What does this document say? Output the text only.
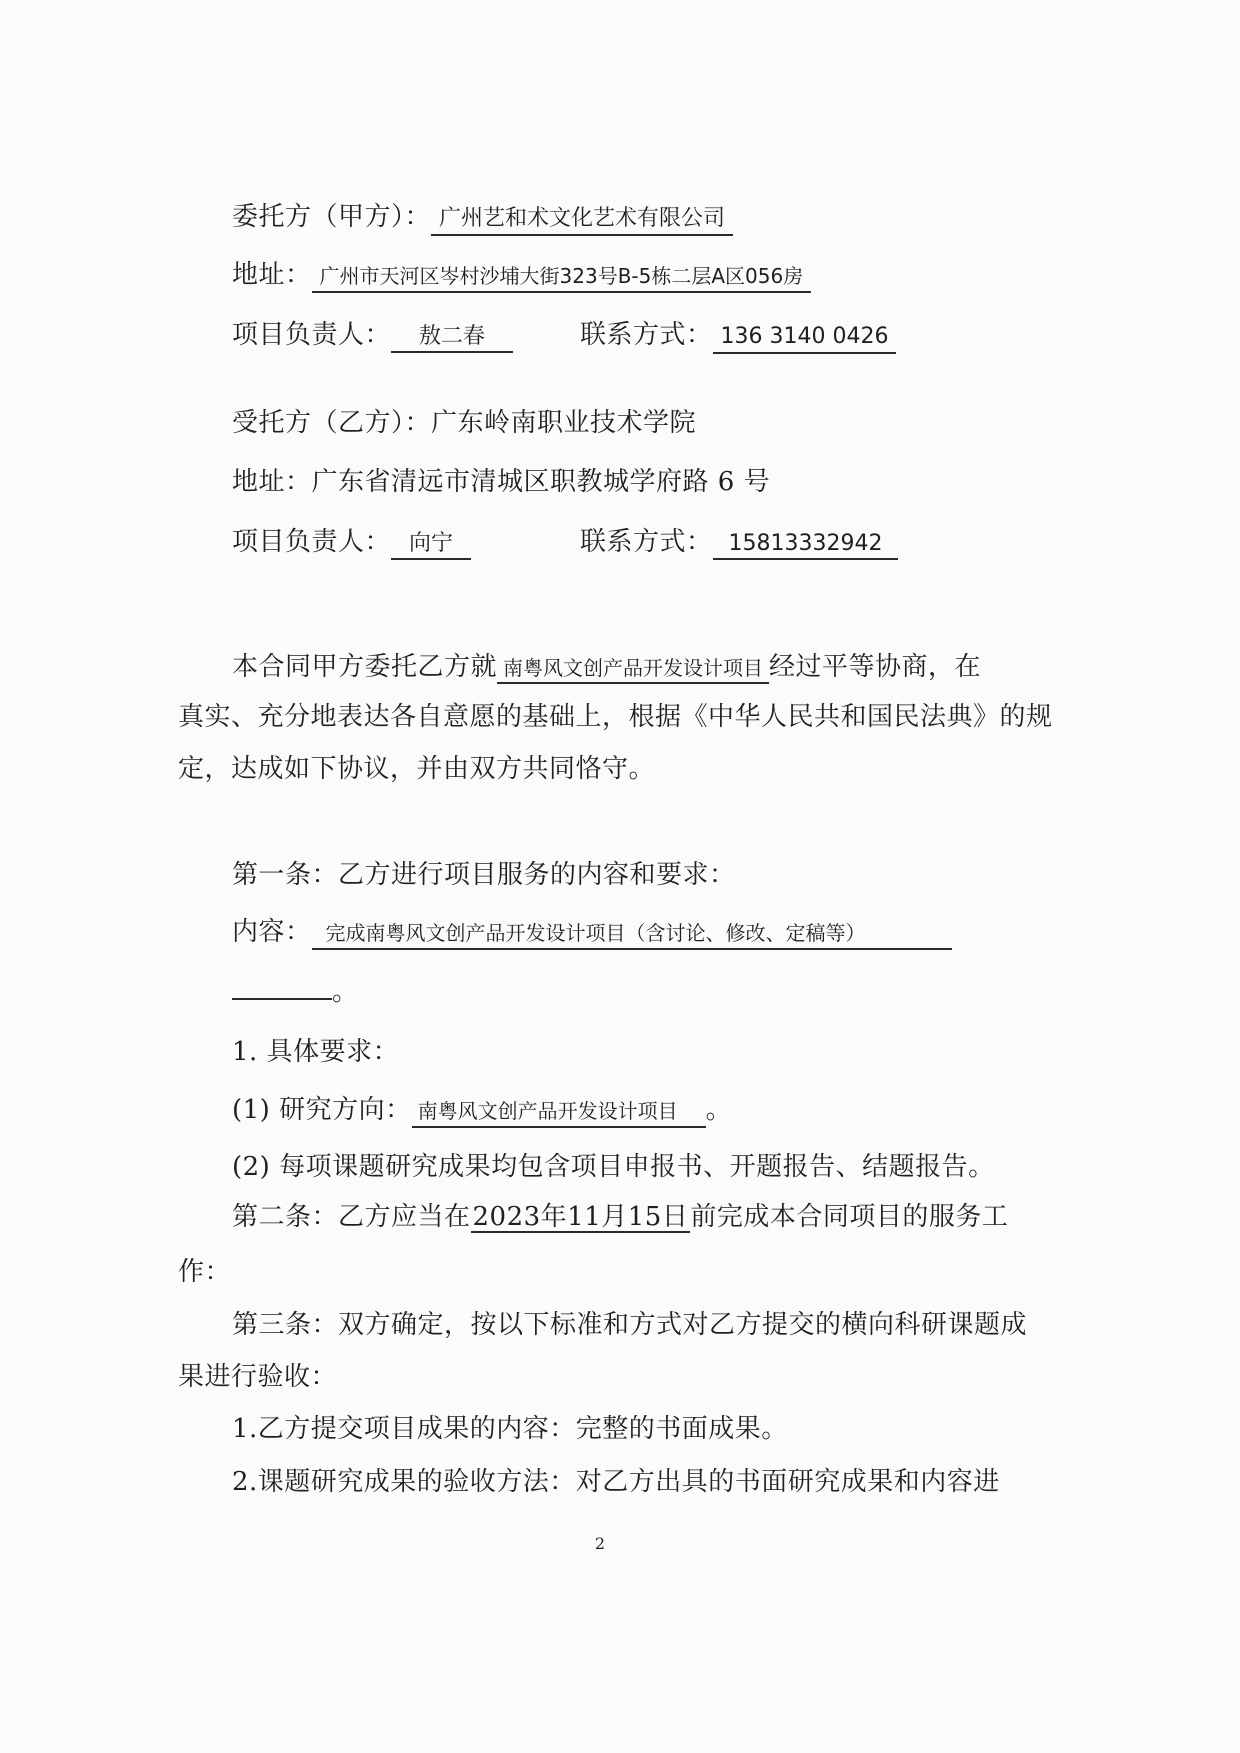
委托方（甲方）： 广州艺和术文化艺术有限公司
地址： 广州市天河区岑村沙埔大街323号B-5栋二层A区056房
项目负责人： 敖二春	联系方式： 136 3140 0426
受托方（乙方）：广东岭南职业技术学院
地址：广东省清远市清城区职教城学府路 6 号
项目负责人： 向宁	联系方式： 15813332942
本合同甲方委托乙方就 南粤风文创产品开发设计项目 经过平等协商，在
真实、充分地表达各自意愿的基础上，根据《中华人民共和国民法典》的规
定，达成如下协议，并由双方共同恪守。
第一条：乙方进行项目服务的内容和要求：
内容： 完成南粤风文创产品开发设计项目（含讨论、修改、定稿等）
。
1. 具体要求：
(1) 研究方向： 南粤风文创产品开发设计项目 。
(2) 每项课题研究成果均包含项目申报书、开题报告、结题报告。
第二条：乙方应当在2023年11月15日前完成本合同项目的服务工
作：
第三条：双方确定，按以下标准和方式对乙方提交的横向科研课题成
果进行验收：
1.乙方提交项目成果的内容：完整的书面成果。
2.课题研究成果的验收方法：对乙方出具的书面研究成果和内容进
2
